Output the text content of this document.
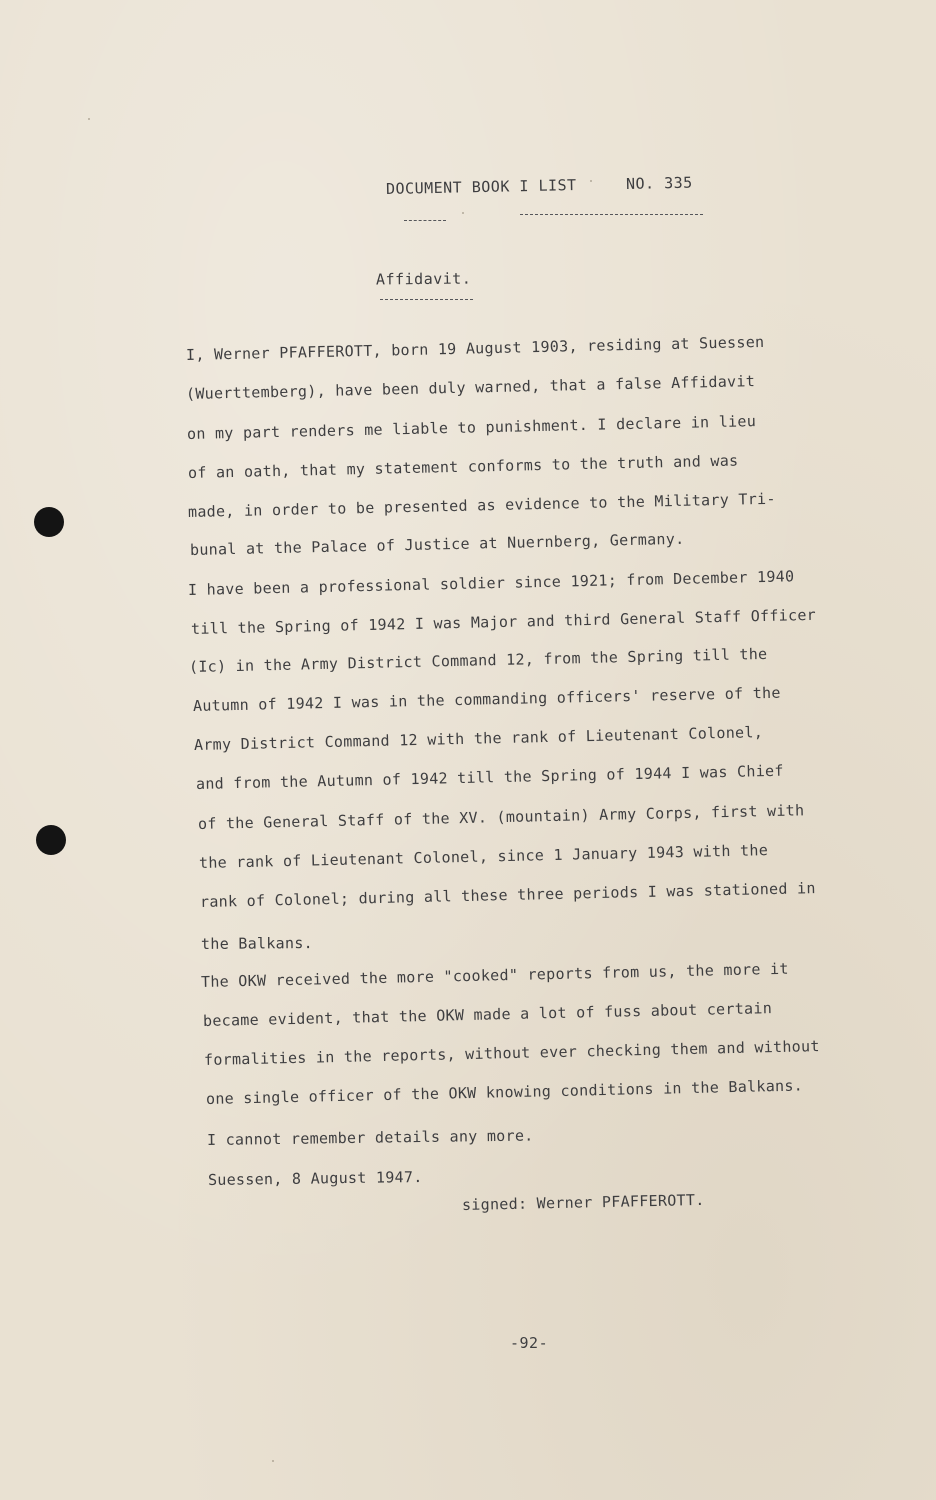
DOCUMENT BOOK I LIST	NO. 335
Affidavit.
I, Werner PFAFFEROTT, born 19 August 1903, residing at Suessen
(Wuerttemberg), have been duly warned, that a false Affidavit
on my part renders me liable to punishment. I declare in lieu
of an oath, that my statement conforms to the truth and was
made, in order to be presented as evidence to the Military Tri-
bunal at the Palace of Justice at Nuernberg, Germany.
I have been a professional soldier since 1921; from December 1940
till the Spring of 1942 I was Major and third General Staff Officer
(Ic) in the Army District Command 12, from the Spring till the
Autumn of 1942 I was in the commanding officers' reserve of the
Army District Command 12 with the rank of Lieutenant Colonel,
and from the Autumn of 1942 till the Spring of 1944 I was Chief
of the General Staff of the XV. (mountain) Army Corps, first with
the rank of Lieutenant Colonel, since 1 January 1943 with the
rank of Colonel; during all these three periods I was stationed in
the Balkans.
The OKW received the more "cooked" reports from us, the more it
became evident, that the OKW made a lot of fuss about certain
formalities in the reports, without ever checking them and without
one single officer of the OKW knowing conditions in the Balkans.
I cannot remember details any more.
Suessen, 8 August 1947.
signed: Werner PFAFFEROTT.
-92-
